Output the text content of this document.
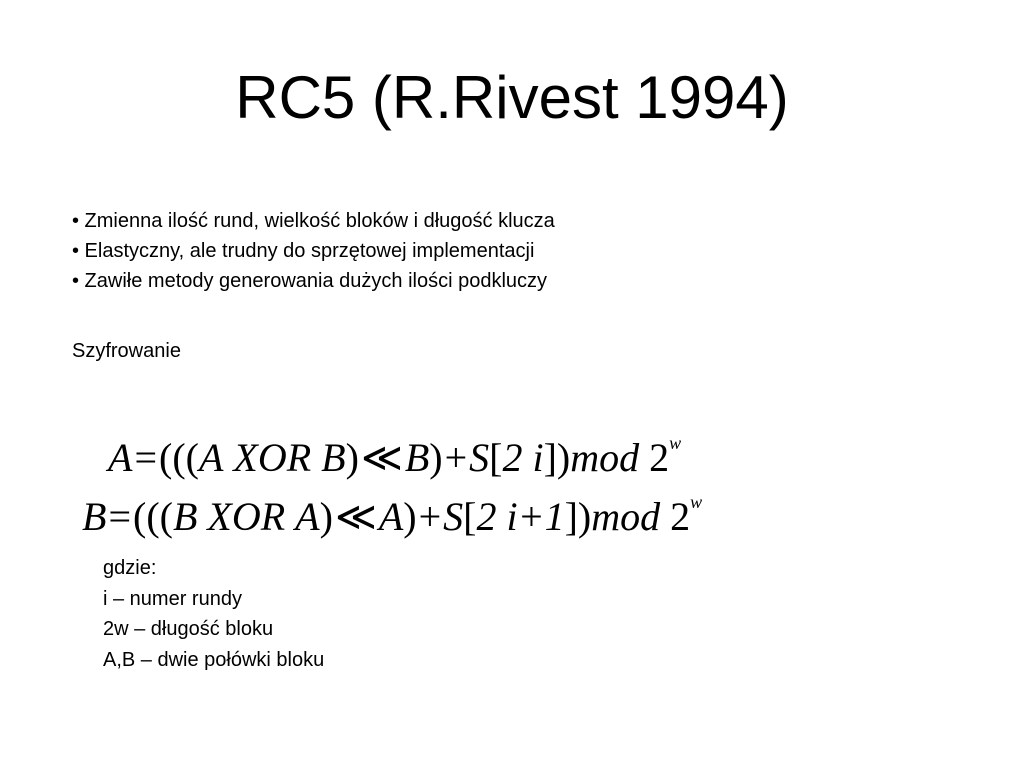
RC5 (R.Rivest 1994)
• Zmienna ilość rund, wielkość bloków i długość klucza
• Elastyczny, ale trudny do sprzętowej implementacji
• Zawiłe metody generowania dużych ilości podkluczy
Szyfrowanie
A=(((A XOR B)≪B)+S[2 i])mod 2$^w$
B=(((B XOR A)≪A)+S[2 i+1])mod 2$^w$
gdzie:
i – numer rundy
2w – długość bloku
A,B – dwie połówki bloku
